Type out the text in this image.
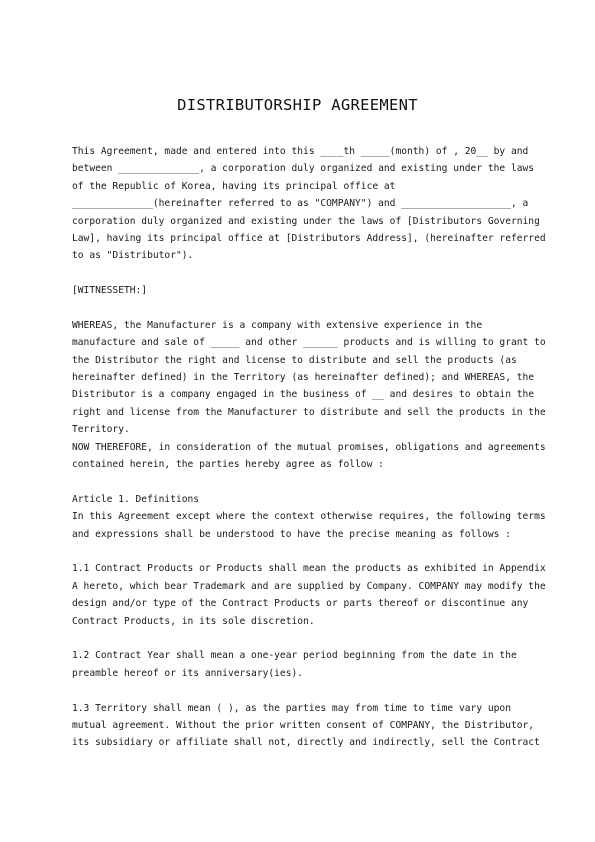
DISTRIBUTORSHIP AGREEMENT
This Agreement, made and entered into this ____th _____(month) of , 20__ by and
between ______________, a corporation duly organized and existing under the laws
of the Republic of Korea, having its principal office at
______________(hereinafter referred to as "COMPANY") and ___________________, a
corporation duly organized and existing under the laws of [Distributors Governing
Law], having its principal office at [Distributors Address], (hereinafter referred
to as "Distributor").
[WITNESSETH:]
WHEREAS, the Manufacturer is a company with extensive experience in the
manufacture and sale of _____ and other ______ products and is willing to grant to
the Distributor the right and license to distribute and sell the products (as
hereinafter defined) in the Territory (as hereinafter defined); and WHEREAS, the
Distributor is a company engaged in the business of __ and desires to obtain the
right and license from the Manufacturer to distribute and sell the products in the
Territory.
NOW THEREFORE, in consideration of the mutual promises, obligations and agreements
contained herein, the parties hereby agree as follow :
Article 1. Definitions
In this Agreement except where the context otherwise requires, the following terms
and expressions shall be understood to have the precise meaning as follows :
1.1 Contract Products or Products shall mean the products as exhibited in Appendix
A hereto, which bear Trademark and are supplied by Company. COMPANY may modify the
design and/or type of the Contract Products or parts thereof or discontinue any
Contract Products, in its sole discretion.
1.2 Contract Year shall mean a one-year period beginning from the date in the
preamble hereof or its anniversary(ies).
1.3 Territory shall mean ( ), as the parties may from time to time vary upon
mutual agreement. Without the prior written consent of COMPANY, the Distributor,
its subsidiary or affiliate shall not, directly and indirectly, sell the Contract
